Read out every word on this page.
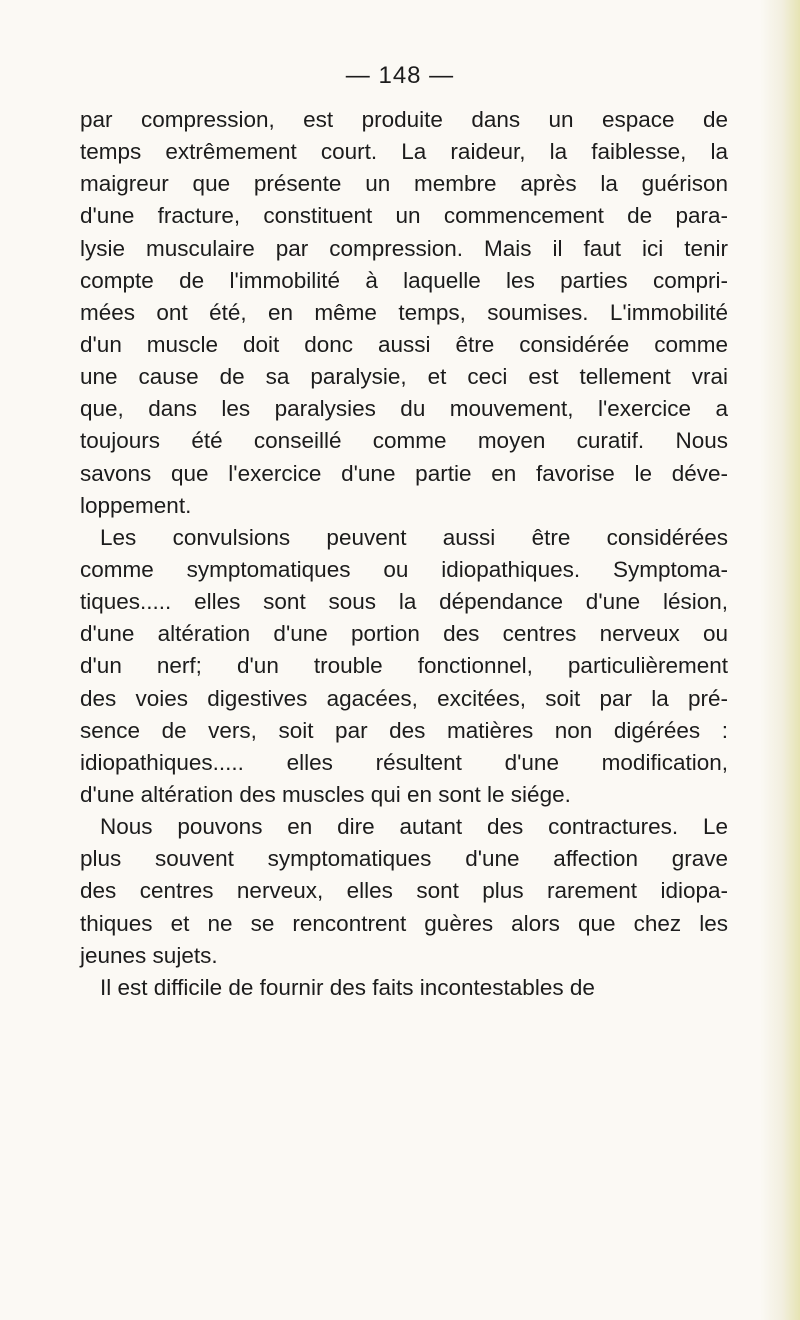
— 148 —
par compression, est produite dans un espace de
temps extrêmement court. La raideur, la faiblesse, la
maigreur que présente un membre après la guérison
d'une fracture, constituent un commencement de para-
lysie musculaire par compression. Mais il faut ici tenir
compte de l'immobilité à laquelle les parties compri-
mées ont été, en même temps, soumises. L'immobilité
d'un muscle doit donc aussi être considérée comme
une cause de sa paralysie, et ceci est tellement vrai
que, dans les paralysies du mouvement, l'exercice a
toujours été conseillé comme moyen curatif. Nous
savons que l'exercice d'une partie en favorise le déve-
loppement.
Les convulsions peuvent aussi être considérées
comme symptomatiques ou idiopathiques. Symptoma-
tiques..... elles sont sous la dépendance d'une lésion,
d'une altération d'une portion des centres nerveux ou
d'un nerf; d'un trouble fonctionnel, particulièrement
des voies digestives agacées, excitées, soit par la pré-
sence de vers, soit par des matières non digérées :
idiopathiques..... elles résultent d'une modification,
d'une altération des muscles qui en sont le siége.
Nous pouvons en dire autant des contractures. Le
plus souvent symptomatiques d'une affection grave
des centres nerveux, elles sont plus rarement idiopa-
thiques et ne se rencontrent guères alors que chez les
jeunes sujets.
Il est difficile de fournir des faits incontestables de
